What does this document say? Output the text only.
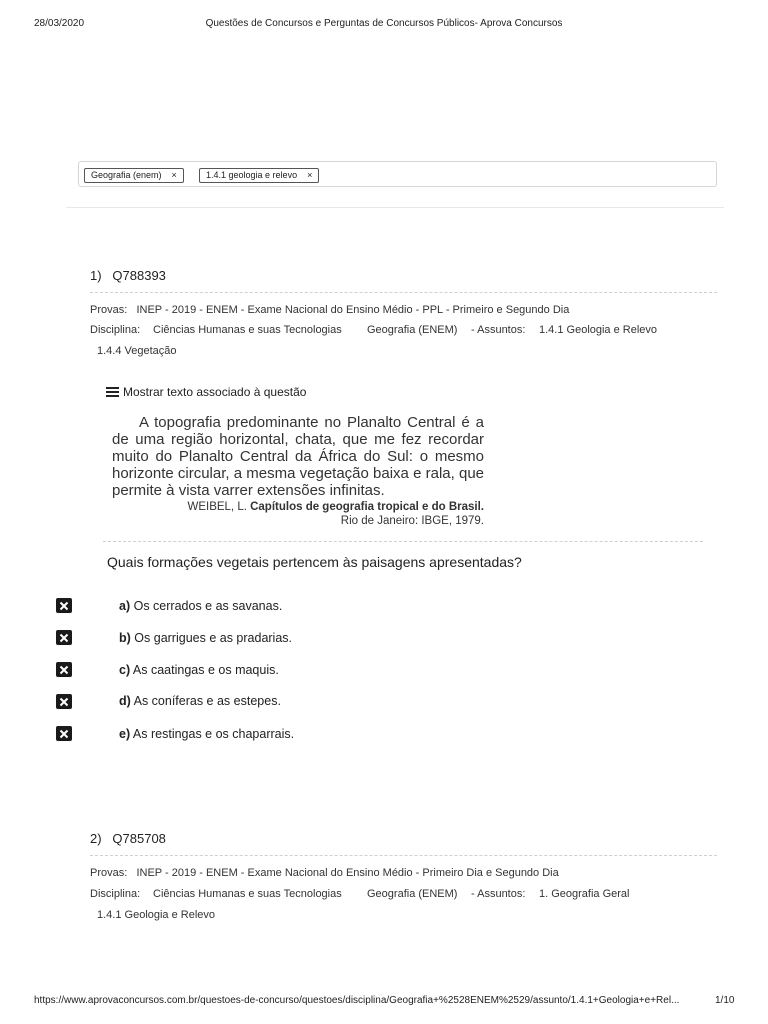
28/03/2020	Questões de Concursos e Perguntas de Concursos Públicos- Aprova Concursos
Geografia (enem) ×	1.4.1 geologia e relevo ×
1) Q788393
Provas: INEP - 2019 - ENEM - Exame Nacional do Ensino Médio - PPL - Primeiro e Segundo Dia
Disciplina: Ciências Humanas e suas Tecnologias Geografia (ENEM) - Assuntos: 1.4.1 Geologia e Relevo
1.4.4 Vegetação
Mostrar texto associado à questão

A topografia predominante no Planalto Central é a de uma região horizontal, chata, que me fez recordar muito do Planalto Central da África do Sul: o mesmo horizonte circular, a mesma vegetação baixa e rala, que permite à vista varrer extensões infinitas.

WEIBEL, L. Capítulos de geografia tropical e do Brasil.
Rio de Janeiro: IBGE, 1979.
Quais formações vegetais pertencem às paisagens apresentadas?
a) Os cerrados e as savanas.
b) Os garrigues e as pradarias.
c) As caatingas e os maquis.
d) As coníferas e as estepes.
e) As restingas e os chaparrais.
2) Q785708
Provas: INEP - 2019 - ENEM - Exame Nacional do Ensino Médio - Primeiro Dia e Segundo Dia
Disciplina: Ciências Humanas e suas Tecnologias Geografia (ENEM) - Assuntos: 1. Geografia Geral
1.4.1 Geologia e Relevo
https://www.aprovaconcursos.com.br/questoes-de-concurso/questoes/disciplina/Geografia+%2528ENEM%2529/assunto/1.4.1+Geologia+e+Rel...	1/10
